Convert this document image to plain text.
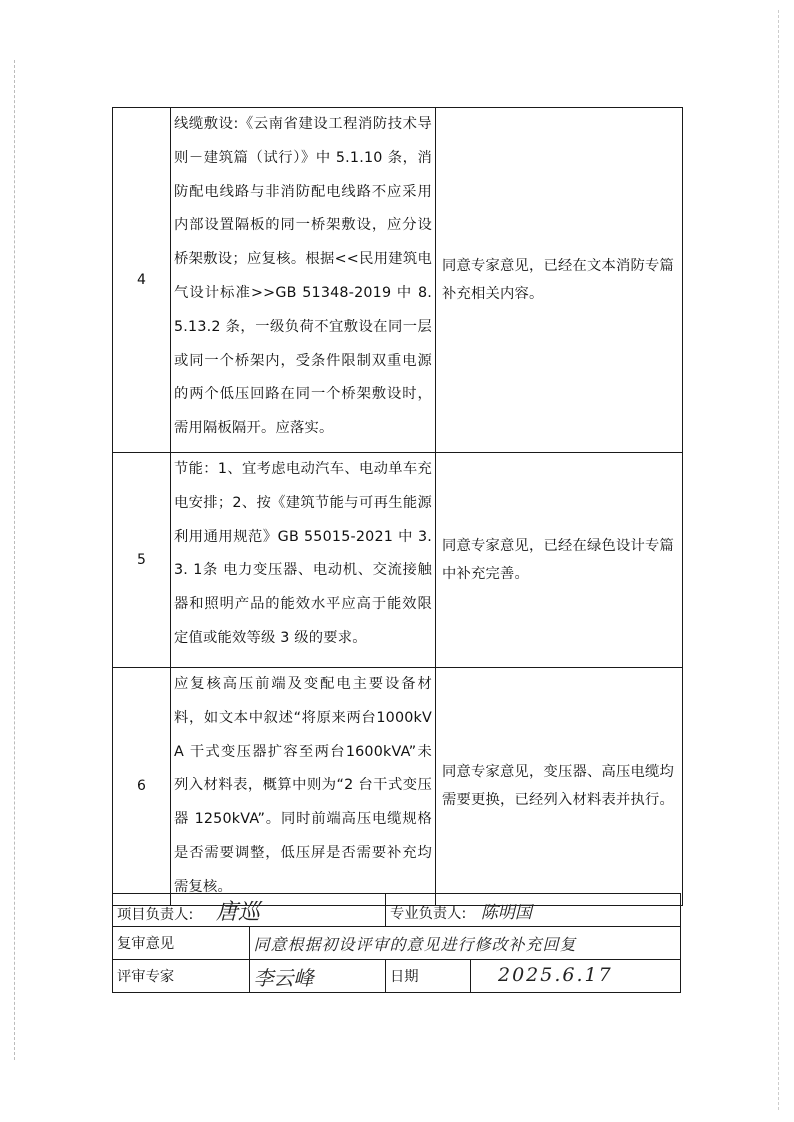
4	线缆敷设:《云南省建设工程消防技术导则－建筑篇（试行）》中 5.1.10 条，消防配电线路与非消防配电线路不应采用内部设置隔板的同一桥架敷设，应分设桥架敷设；应复核。根据<<民用建筑电气设计标准>>GB 51348-2019 中 8.5.13.2 条，一级负荷不宜敷设在同一层或同一个桥架内，受条件限制双重电源的两个低压回路在同一个桥架敷设时，需用隔板隔开。应落实。	同意专家意见，已经在文本消防专篇补充相关内容。

5	节能：1、宜考虑电动汽车、电动单车充电安排；2、按《建筑节能与可再生能源利用通用规范》GB 55015-2021 中 3. 3. 1条 电力变压器、电动机、交流接触器和照明产品的能效水平应高于能效限定值或能效等级 3 级的要求。	同意专家意见，已经在绿色设计专篇中补充完善。

6	应复核高压前端及变配电主要设备材料，如文本中叙述“将原来两台1000kVA 干式变压器扩容至两台1600kVA”未列入材料表，概算中则为“2 台干式变压器 1250kVA”。同时前端高压电缆规格是否需要调整，低压屏是否需要补充均需复核。	同意专家意见，变压器、高压电缆均需要更换，已经列入材料表并执行。
项目负责人: 唐巡		专业负责人: 陈明国
复审意见	同意根据初设评审的意见进行修改补充回复	
评审专家	李云峰	日期 2025.6.17
